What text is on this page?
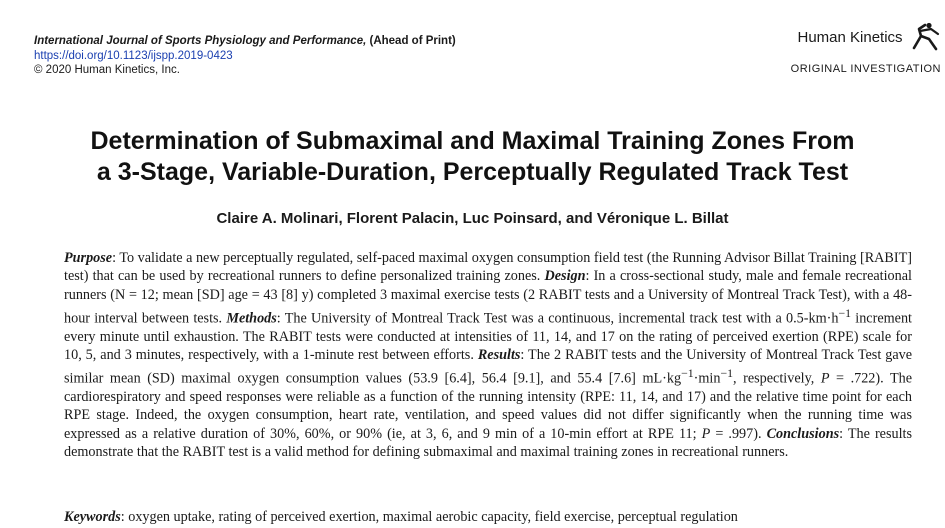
International Journal of Sports Physiology and Performance, (Ahead of Print)
https://doi.org/10.1123/ijspp.2019-0423
© 2020 Human Kinetics, Inc.
Human Kinetics
ORIGINAL INVESTIGATION
Determination of Submaximal and Maximal Training Zones From
a 3-Stage, Variable-Duration, Perceptually Regulated Track Test
Claire A. Molinari, Florent Palacin, Luc Poinsard, and Véronique L. Billat

Purpose: To validate a new perceptually regulated, self-paced maximal oxygen consumption field test (the Running Advisor Billat Training [RABIT] test) that can be used by recreational runners to define personalized training zones. Design: In a cross-sectional study, male and female recreational runners (N = 12; mean [SD] age = 43 [8] y) completed 3 maximal exercise tests (2 RABIT tests and a University of Montreal Track Test), with a 48-hour interval between tests. Methods: The University of Montreal Track Test was a continuous, incremental track test with a $0.5-km\cdot h^{-1}$ increment every minute until exhaustion. The RABIT tests were conducted at intensities of 11, 14, and 17 on the rating of perceived exertion (RPE) scale for 10, 5, and 3 minutes, respectively, with a 1-minute rest between efforts. Results: The 2 RABIT tests and the University of Montreal Track Test gave similar mean (SD) maximal oxygen consumption values (53.9 [6.4], 56.4 [9.1], and 55.4 [7.6] $mL\cdot kg^{-1}\cdot\min^{-1}$, respectively, P = .722). The cardiorespiratory and speed responses were reliable as a function of the running intensity (RPE: 11, 14, and 17) and the relative time point for each RPE stage. Indeed, the oxygen consumption, heart rate, ventilation, and speed values did not differ significantly when the running time was expressed as a relative duration of 30%, 60%, or 90% (ie, at 3, 6, and 9 min of a 10-min effort at RPE 11; P = .997). Conclusions: The results demonstrate that the RABIT test is a valid method for defining submaximal and maximal training zones in recreational runners.

Keywords: oxygen uptake, rating of perceived exertion, maximal aerobic capacity, field exercise, perceptual regulation
